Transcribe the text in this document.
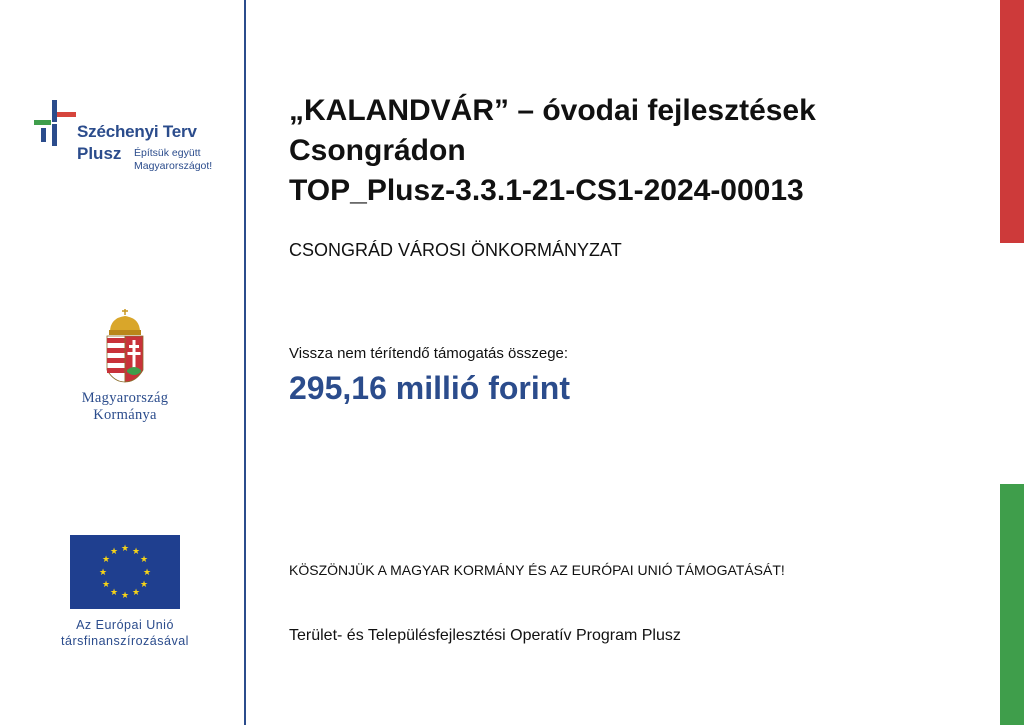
Széchenyi Terv
Plusz Építsük együtt
Magyarországot!
Magyarország
Kormánya
★ ★
★
★
★
★
★
★
★
★
★
★
Az Európai Unió
társfinanszírozásával
„KALANDVÁR” – óvodai fejlesztések
Csongrádon
TOP_Plusz-3.3.1-21-CS1-2024-00013
CSONGRÁD VÁROSI ÖNKORMÁNYZAT
Vissza nem térítendő támogatás összege:
295,16 millió forint
KÖSZÖNJÜK A MAGYAR KORMÁNY ÉS AZ EURÓPAI UNIÓ TÁMOGATÁSÁT!
Terület- és Településfejlesztési Operatív Program Plusz
